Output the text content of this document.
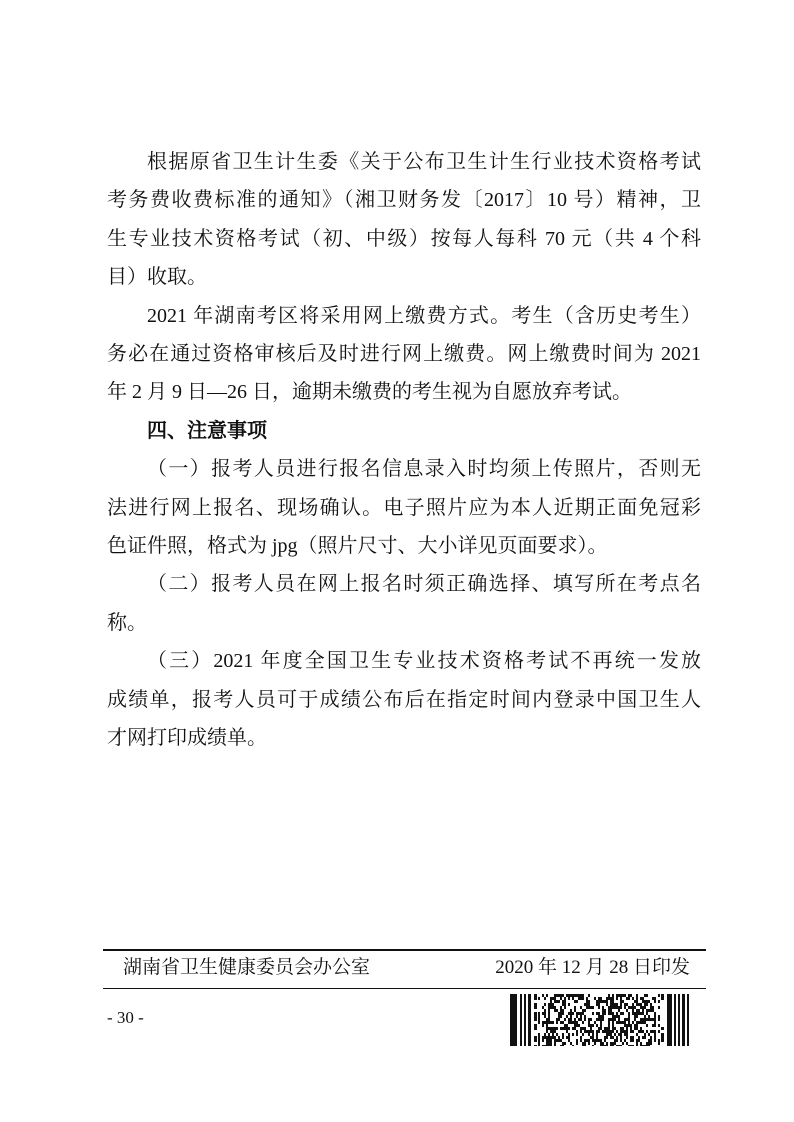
根据原省卫生计生委《关于公布卫生计生行业技术资格考试
考务费收费标准的通知》（湘卫财务发〔2017〕10 号）精神，卫
生专业技术资格考试（初、中级）按每人每科 70 元（共 4 个科
目）收取。
2021 年湖南考区将采用网上缴费方式。考生（含历史考生）
务必在通过资格审核后及时进行网上缴费。网上缴费时间为 2021
年 2 月 9 日—26 日，逾期未缴费的考生视为自愿放弃考试。
四、注意事项
（一）报考人员进行报名信息录入时均须上传照片，否则无
法进行网上报名、现场确认。电子照片应为本人近期正面免冠彩
色证件照，格式为 jpg（照片尺寸、大小详见页面要求）。
（二）报考人员在网上报名时须正确选择、填写所在考点名
称。
（三）2021 年度全国卫生专业技术资格考试不再统一发放
成绩单，报考人员可于成绩公布后在指定时间内登录中国卫生人
才网打印成绩单。
湖南省卫生健康委员会办公室	2020 年 12 月 28 日印发
- 30 -
